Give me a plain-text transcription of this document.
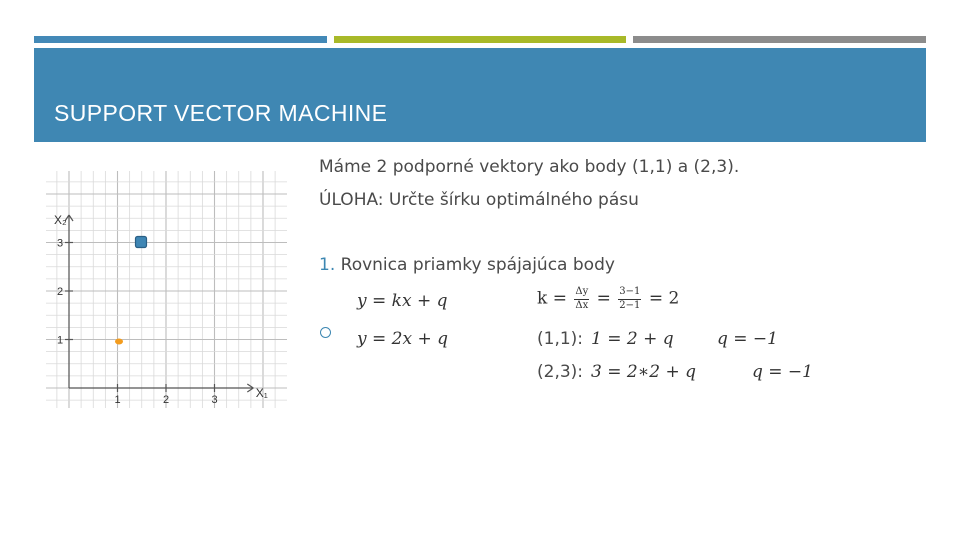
SUPPORT VECTOR MACHINE
1	2	3
1
2
3
X₁
X₂
Máme 2 podporné vektory ako body (1,1) a (2,3).
ÚLOHA: Určte šírku optimálného pásu
1. Rovnica priamky spájajúca body
y = kx + q	$k = \frac{\Delta y}{\Delta x} = \frac{3-1}{2-1} = 2$
y = 2x + q	(1,1): 1 = 2 + q	q = −1
(2,3): 3 = 2∗2 + q	q = −1
